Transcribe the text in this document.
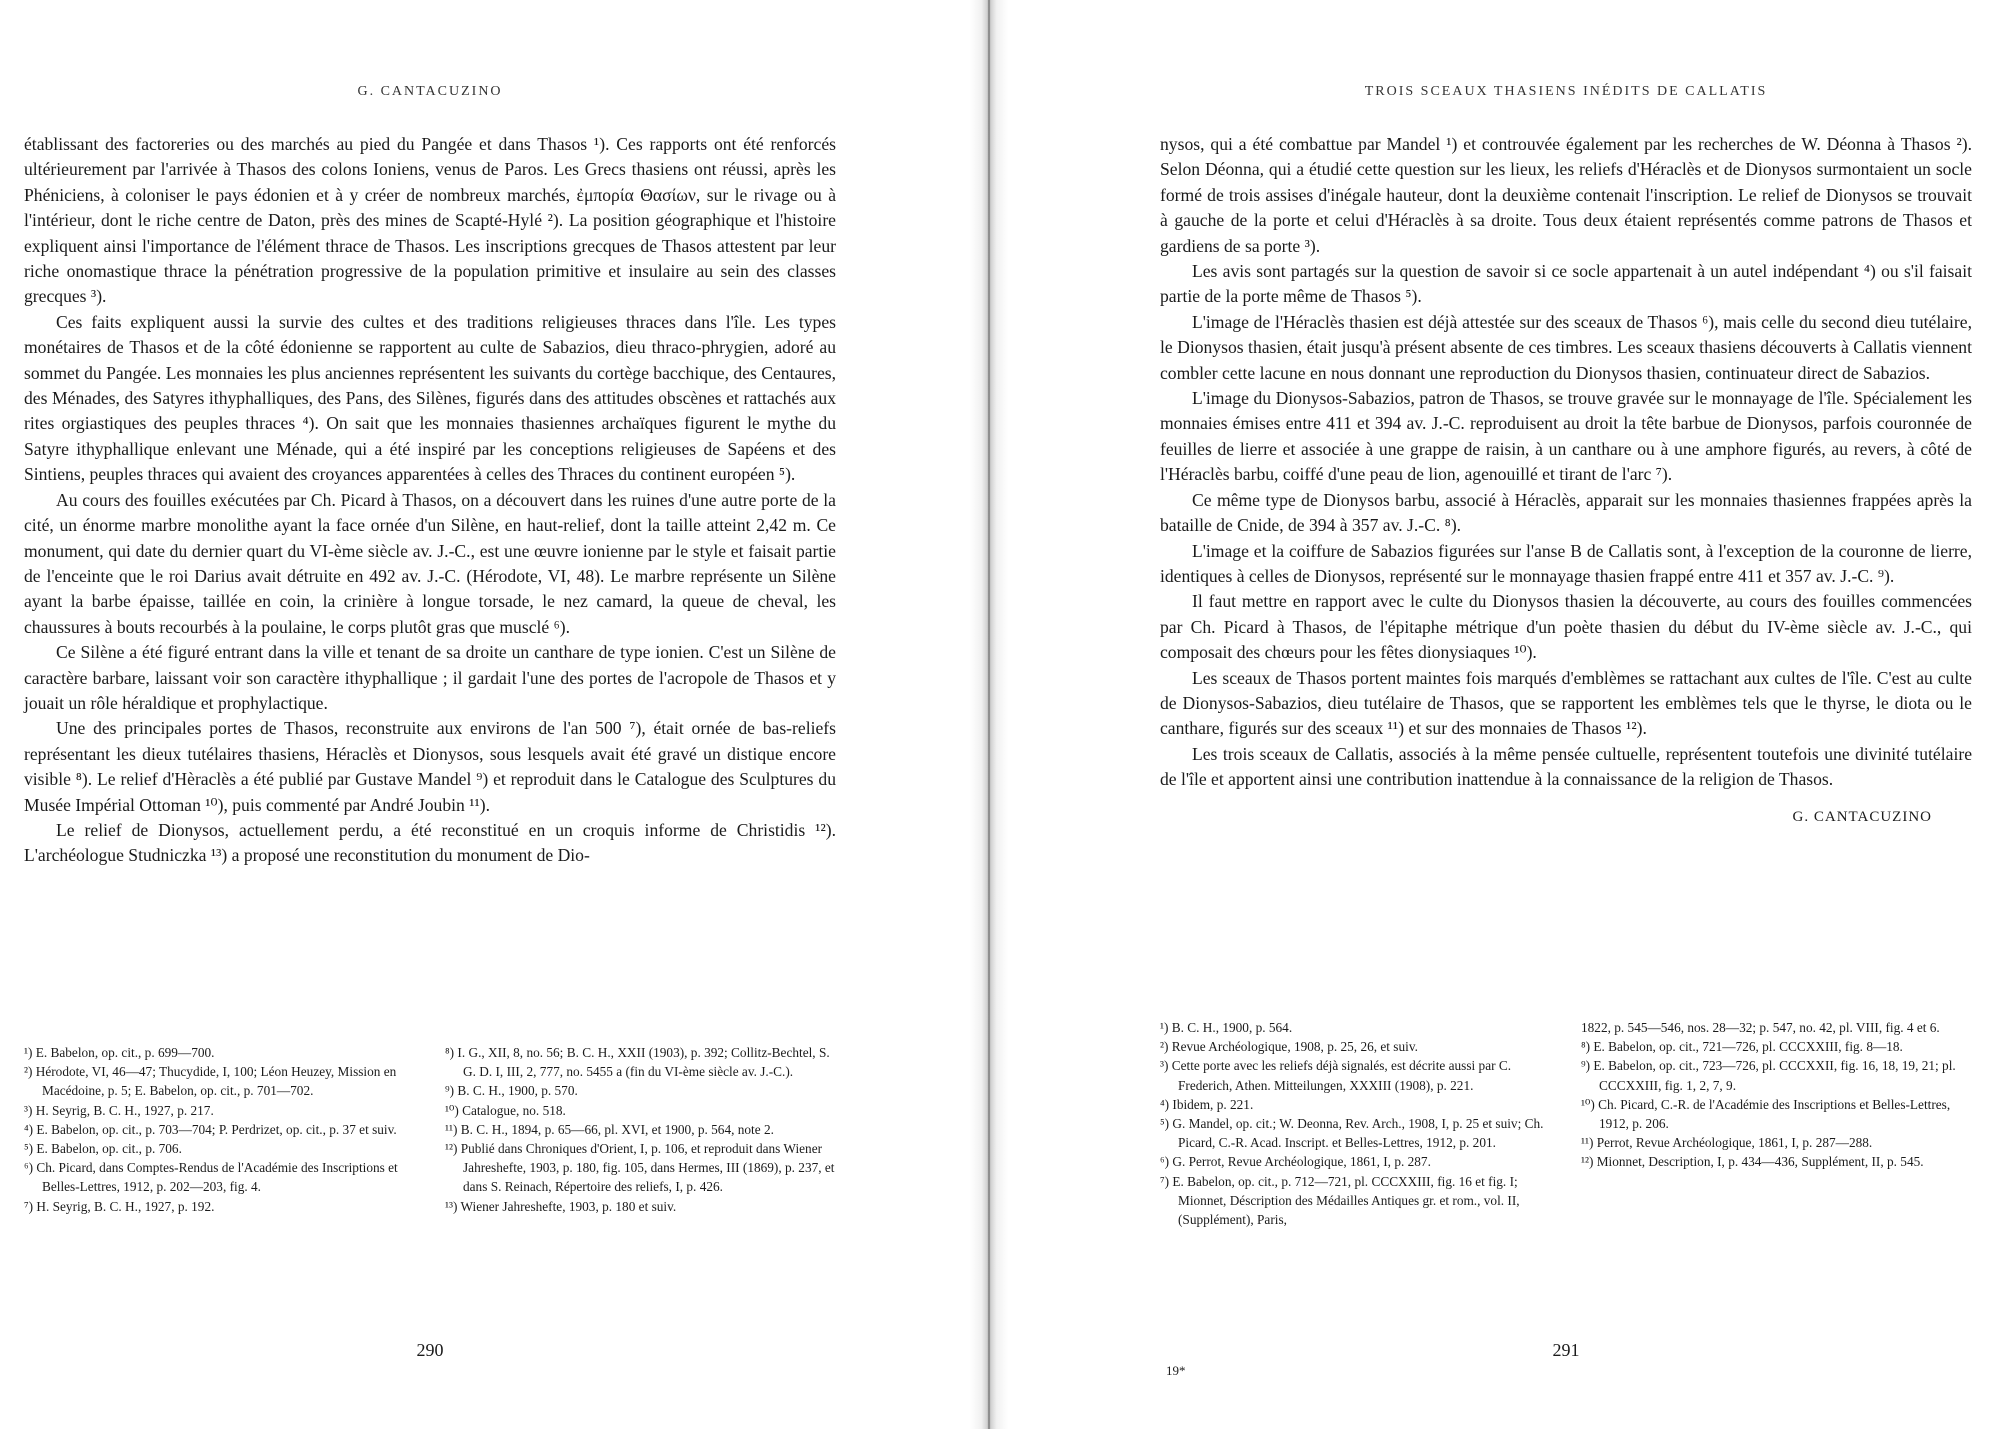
G. CANTACUZINO

établissant des factoreries ou des marchés au pied du Pangée et dans Thasos ¹). Ces rapports ont été renforcés ultérieurement par l'arrivée à Thasos des colons Ioniens, venus de Paros. Les Grecs thasiens ont réussi, après les Phéniciens, à coloniser le pays édonien et à y créer de nombreux marchés, ἐμπορία Θασίων, sur le rivage ou à l'intérieur, dont le riche centre de Daton, près des mines de Scapté-Hylé ²). La position géographique et l'histoire expliquent ainsi l'importance de l'élément thrace de Thasos. Les inscriptions grecques de Thasos attestent par leur riche onomastique thrace la pénétration progressive de la population primitive et insulaire au sein des classes grecques ³).

Ces faits expliquent aussi la survie des cultes et des traditions religieuses thraces dans l'île. Les types monétaires de Thasos et de la côté édonienne se rapportent au culte de Sabazios, dieu thraco-phrygien, adoré au sommet du Pangée. Les monnaies les plus anciennes représentent les suivants du cortège bacchique, des Centaures, des Ménades, des Satyres ithyphalliques, des Pans, des Silènes, figurés dans des attitudes obscènes et rattachés aux rites orgiastiques des peuples thraces ⁴). On sait que les monnaies thasiennes archaïques figurent le mythe du Satyre ithyphallique enlevant une Ménade, qui a été inspiré par les conceptions religieuses de Sapéens et des Sintiens, peuples thraces qui avaient des croyances apparentées à celles des Thraces du continent européen ⁵).

Au cours des fouilles exécutées par Ch. Picard à Thasos, on a découvert dans les ruines d'une autre porte de la cité, un énorme marbre monolithe ayant la face ornée d'un Silène, en haut-relief, dont la taille atteint 2,42 m. Ce monument, qui date du dernier quart du VI-ème siècle av. J.-C., est une œuvre ionienne par le style et faisait partie de l'enceinte que le roi Darius avait détruite en 492 av. J.-C. (Hérodote, VI, 48). Le marbre représente un Silène ayant la barbe épaisse, taillée en coin, la crinière à longue torsade, le nez camard, la queue de cheval, les chaussures à bouts recourbés à la poulaine, le corps plutôt gras que musclé ⁶).

Ce Silène a été figuré entrant dans la ville et tenant de sa droite un canthare de type ionien. C'est un Silène de caractère barbare, laissant voir son caractère ithyphallique ; il gardait l'une des portes de l'acropole de Thasos et y jouait un rôle héraldique et prophylactique.

Une des principales portes de Thasos, reconstruite aux environs de l'an 500 ⁷), était ornée de bas-reliefs représentant les dieux tutélaires thasiens, Héraclès et Dionysos, sous lesquels avait été gravé un distique encore visible ⁸). Le relief d'Hèraclès a été publié par Gustave Mandel ⁹) et reproduit dans le Catalogue des Sculptures du Musée Impérial Ottoman ¹⁰), puis commenté par André Joubin ¹¹).

Le relief de Dionysos, actuellement perdu, a été reconstitué en un croquis informe de Christidis ¹²). L'archéologue Studniczka ¹³) a proposé une reconstitution du monument de Dio-

¹) E. Babelon, op. cit., p. 699—700.

²) Hérodote, VI, 46—47; Thucydide, I, 100; Léon Heuzey, Mission en Macédoine, p. 5; E. Babelon, op. cit., p. 701—702.

³) H. Seyrig, B. C. H., 1927, p. 217.

⁴) E. Babelon, op. cit., p. 703—704; P. Perdrizet, op. cit., p. 37 et suiv.

⁵) E. Babelon, op. cit., p. 706.

⁶) Ch. Picard, dans Comptes-Rendus de l'Académie des Inscriptions et Belles-Lettres, 1912, p. 202—203, fig. 4.

⁷) H. Seyrig, B. C. H., 1927, p. 192.

⁸) I. G., XII, 8, no. 56; B. C. H., XXII (1903), p. 392; Collitz-Bechtel, S. G. D. I, III, 2, 777, no. 5455 a (fin du VI-ème siècle av. J.-C.).

⁹) B. C. H., 1900, p. 570.

¹⁰) Catalogue, no. 518.

¹¹) B. C. H., 1894, p. 65—66, pl. XVI, et 1900, p. 564, note 2.

¹²) Publié dans Chroniques d'Orient, I, p. 106, et reproduit dans Wiener Jahreshefte, 1903, p. 180, fig. 105, dans Hermes, III (1869), p. 237, et dans S. Reinach, Répertoire des reliefs, I, p. 426.

¹³) Wiener Jahreshefte, 1903, p. 180 et suiv.

290
TROIS SCEAUX THASIENS INÉDITS DE CALLATIS

nysos, qui a été combattue par Mandel ¹) et controuvée également par les recherches de W. Déonna à Thasos ²). Selon Déonna, qui a étudié cette question sur les lieux, les reliefs d'Héraclès et de Dionysos surmontaient un socle formé de trois assises d'inégale hauteur, dont la deuxième contenait l'inscription. Le relief de Dionysos se trouvait à gauche de la porte et celui d'Héraclès à sa droite. Tous deux étaient représentés comme patrons de Thasos et gardiens de sa porte ³).

Les avis sont partagés sur la question de savoir si ce socle appartenait à un autel indépendant ⁴) ou s'il faisait partie de la porte même de Thasos ⁵).

L'image de l'Héraclès thasien est déjà attestée sur des sceaux de Thasos ⁶), mais celle du second dieu tutélaire, le Dionysos thasien, était jusqu'à présent absente de ces timbres. Les sceaux thasiens découverts à Callatis viennent combler cette lacune en nous donnant une reproduction du Dionysos thasien, continuateur direct de Sabazios.

L'image du Dionysos-Sabazios, patron de Thasos, se trouve gravée sur le monnayage de l'île. Spécialement les monnaies émises entre 411 et 394 av. J.-C. reproduisent au droit la tête barbue de Dionysos, parfois couronnée de feuilles de lierre et associée à une grappe de raisin, à un canthare ou à une amphore figurés, au revers, à côté de l'Héraclès barbu, coiffé d'une peau de lion, agenouillé et tirant de l'arc ⁷).

Ce même type de Dionysos barbu, associé à Héraclès, apparait sur les monnaies thasiennes frappées après la bataille de Cnide, de 394 à 357 av. J.-C. ⁸).

L'image et la coiffure de Sabazios figurées sur l'anse B de Callatis sont, à l'exception de la couronne de lierre, identiques à celles de Dionysos, représenté sur le monnayage thasien frappé entre 411 et 357 av. J.-C. ⁹).

Il faut mettre en rapport avec le culte du Dionysos thasien la découverte, au cours des fouilles commencées par Ch. Picard à Thasos, de l'épitaphe métrique d'un poète thasien du début du IV-ème siècle av. J.-C., qui composait des chœurs pour les fêtes dionysiaques ¹⁰).

Les sceaux de Thasos portent maintes fois marqués d'emblèmes se rattachant aux cultes de l'île. C'est au culte de Dionysos-Sabazios, dieu tutélaire de Thasos, que se rapportent les emblèmes tels que le thyrse, le diota ou le canthare, figurés sur des sceaux ¹¹) et sur des monnaies de Thasos ¹²).

Les trois sceaux de Callatis, associés à la même pensée cultuelle, représentent toutefois une divinité tutélaire de l'île et apportent ainsi une contribution inattendue à la connaissance de la religion de Thasos.

G. CANTACUZINO

¹) B. C. H., 1900, p. 564.

²) Revue Archéologique, 1908, p. 25, 26, et suiv.

³) Cette porte avec les reliefs déjà signalés, est décrite aussi par C. Frederich, Athen. Mitteilungen, XXXIII (1908), p. 221.

⁴) Ibidem, p. 221.

⁵) G. Mandel, op. cit.; W. Deonna, Rev. Arch., 1908, I, p. 25 et suiv; Ch. Picard, C.-R. Acad. Inscript. et Belles-Lettres, 1912, p. 201.

⁶) G. Perrot, Revue Archéologique, 1861, I, p. 287.

⁷) E. Babelon, op. cit., p. 712—721, pl. CCCXXIII, fig. 16 et fig. I; Mionnet, Déscription des Médailles Antiques gr. et rom., vol. II, (Supplément), Paris,

1822, p. 545—546, nos. 28—32; p. 547, no. 42, pl. VIII, fig. 4 et 6.

⁸) E. Babelon, op. cit., 721—726, pl. CCCXXIII, fig. 8—18.

⁹) E. Babelon, op. cit., 723—726, pl. CCCXXII, fig. 16, 18, 19, 21; pl. CCCXXIII, fig. 1, 2, 7, 9.

¹⁰) Ch. Picard, C.-R. de l'Académie des Inscriptions et Belles-Lettres, 1912, p. 206.

¹¹) Perrot, Revue Archéologique, 1861, I, p. 287—288.

¹²) Mionnet, Description, I, p. 434—436, Supplément, II, p. 545.

291
19*
